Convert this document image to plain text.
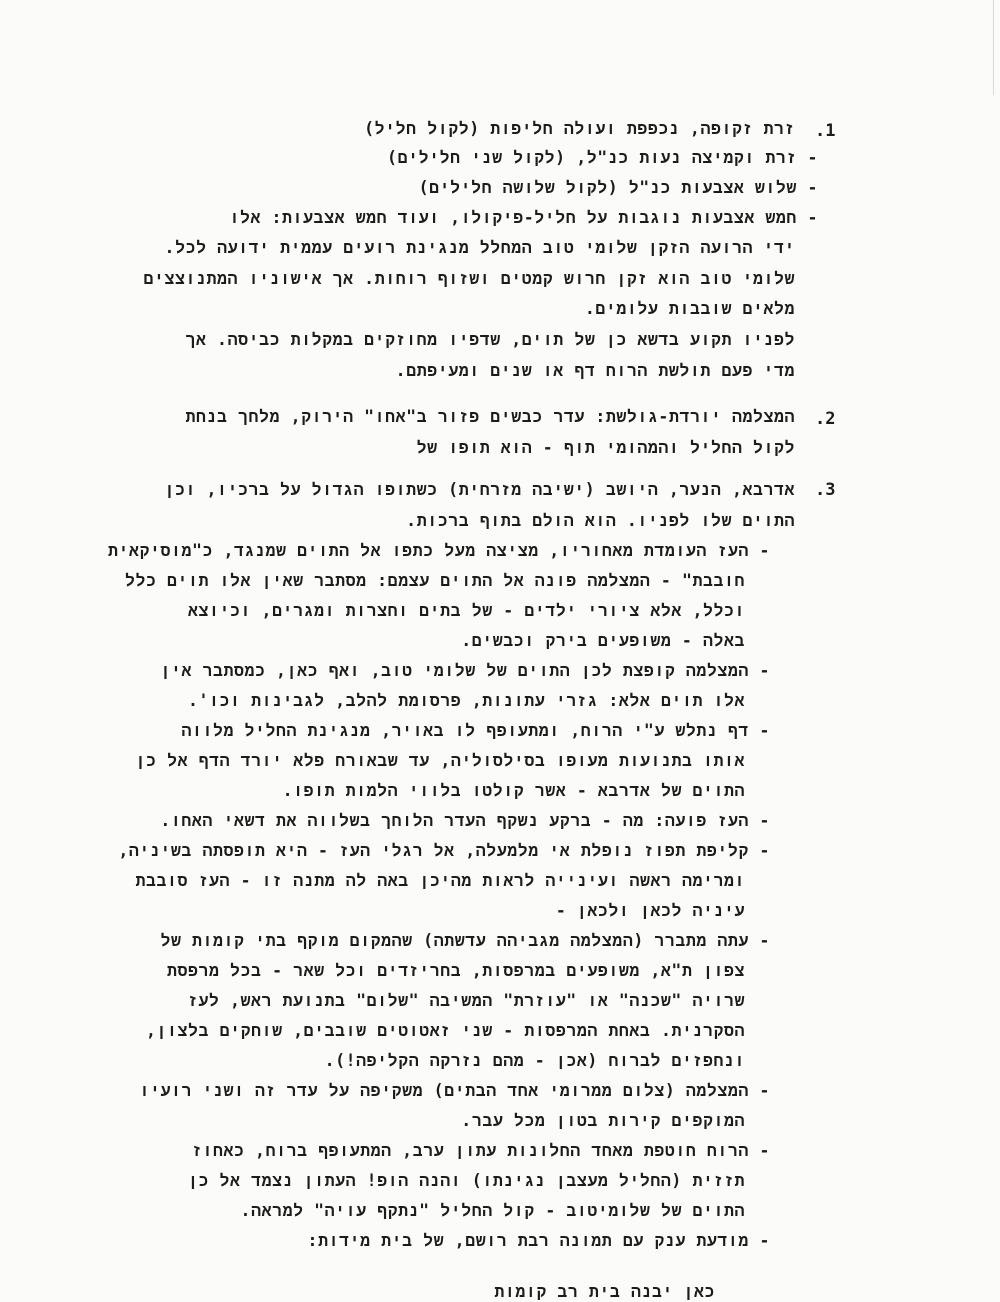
.1
זרת זקופה, נכפפת ועולה חליפות (לקול חליל)
- זרת וקמיצה נעות כנ"ל, (לקול שני חלילים)
- שלוש אצבעות כנ"ל (לקול שלושה חלילים)
- חמש אצבעות נוגבות על חליל-פיקולו, ועוד חמש אצבעות: אלו
ידי הרועה הזקן שלומי טוב המחלל מנגינת רועים עממית ידועה לכל.
שלומי טוב הוא זקן חרוש קמטים ושזוף רוחות. אך אישוניו המתנוצצים
מלאים שובבות עלומים.
לפניו תקוע בדשא כן של תוים, שדפיו מחוזקים במקלות כביסה. אך
מדי פעם תולשת הרוח דף או שנים ומעיפתם.
.2
המצלמה יורדת-גולשת: עדר כבשים פזור ב"אחו" הירוק, מלחך בנחת
לקול החליל והמהומי תוף - הוא תופו של
.3
אדרבא, הנער, היושב (ישיבה מזרחית) כשתופו הגדול על ברכיו, וכן
התוים שלו לפניו. הוא הולם בתוף ברכות.
- העז העומדת מאחוריו, מציצה מעל כתפו אל התוים שמנגד, כ"מוסיקאית
חובבת" - המצלמה פונה אל התוים עצמם: מסתבר שאין אלו תוים כלל
וכלל, אלא ציורי ילדים - של בתים וחצרות ומגרים, וכיוצא
באלה - משופעים בירק וכבשים.
- המצלמה קופצת לכן התוים של שלומי טוב, ואף כאן, כמסתבר אין
אלו תוים אלא: גזרי עתונות, פרסומת להלב, לגבינות וכו'.
- דף נתלש ע"י הרוח, ומתעופף לו באויר, מנגינת החליל מלווה
אותו בתנועות מעופו בסילסוליה, עד שבאורח פלא יורד הדף אל כן
התוים של אדרבא - אשר קולטו בלווי הלמות תופו.
- העז פועה: מה - ברקע נשקף העדר הלוחך בשלווה את דשאי האחו.
- קליפת תפוז נופלת אי מלמעלה, אל רגלי העז - היא תופסתה בשיניה,
ומרימה ראשה ועינייה לראות מהיכן באה לה מתנה זו - העז סובבת
עיניה לכאן ולכאן -
- עתה מתברר (המצלמה מגביהה עדשתה) שהמקום מוקף בתי קומות של
צפון ת"א, משופעים במרפסות, בחריזדים וכל שאר - בכל מרפסת
שרויה "שכנה" או "עוזרת" המשיבה "שלום" בתנועת ראש, לעז
הסקרנית. באחת המרפסות - שני זאטוטים שובבים, שוחקים בלצון,
ונחפזים לברוח (אכן - מהם נזרקה הקליפה!).
- המצלמה (צלום ממרומי אחד הבתים) משקיפה על עדר זה ושני רועיו
המוקפים קירות בטון מכל עבר.
- הרוח חוטפת מאחד החלונות עתון ערב, המתעופף ברוח, כאחוז
תזזית (החליל מעצבן נגינתו) והנה הופ! העתון נצמד אל כן
התוים של שלומיטוב - קול החליל "נתקף עויה" למראה.
- מודעת ענק עם תמונה רבת רושם, של בית מידות:
כאן יבנה בית רב קומות
